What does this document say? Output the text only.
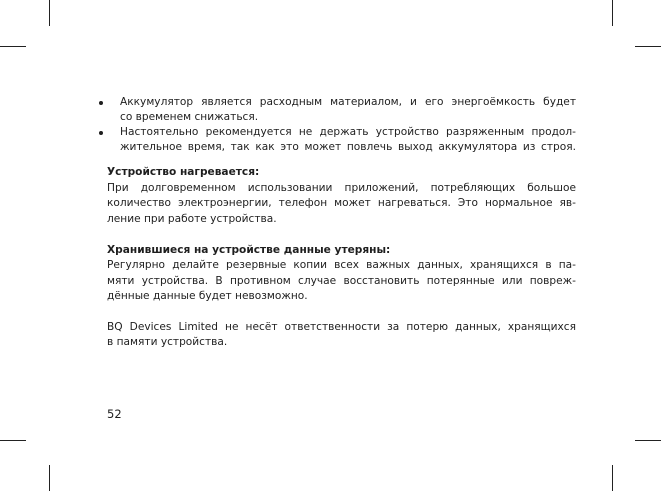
Аккумулятор является расходным материалом, и его энергоёмкость будет
со временем снижаться.
Настоятельно рекомендуется не держать устройство разряженным продол-
жительное время, так как это может повлечь выход аккумулятора из строя.
Устройство нагревается:
При долговременном использовании приложений, потребляющих большое
количество электроэнергии, телефон может нагреваться. Это нормальное яв-
ление при работе устройства.
Хранившиеся на устройстве данные утеряны:
Регулярно делайте резервные копии всех важных данных, хранящихся в па-
мяти устройства. В противном случае восстановить потерянные или повреж-
дённые данные будет невозможно.
BQ Devices Limited не несёт ответственности за потерю данных, хранящихся
в памяти устройства.
52
